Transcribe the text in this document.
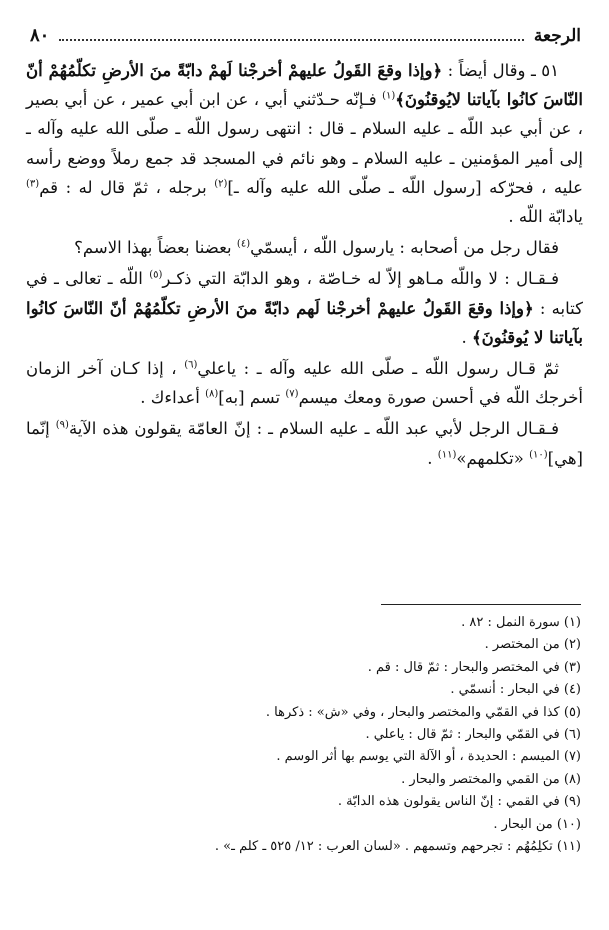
الرجعة
٨٠

٥١ ـ وقال أيضاً : ﴿وإذا وقعَ القَولُ عليهمْ أخرجْنا لَهمْ دابّةً منَ الأرضِ تكلّمُهُمْ أنّ النّاسَ كانُوا بآياتنا لايُوقنُونَ﴾$^{(١)}$ فـإنّه حـدّثني أبي ، عن ابن أبي عمير ، عن أبي بصير ، عن أبي عبد اللّه ـ عليه السلام ـ قال : انتهى رسول اللّه ـ صلّى الله عليه وآله ـ إلى أمير المؤمنين ـ عليه السلام ـ وهو نائم في المسجد قد جمع رملاً ووضع رأسه عليه ، فحرّكه [رسول اللّه ـ صلّى الله عليه وآله ـ]$^{(٢)}$ برجله ، ثمّ قال له : قم$^{(٣)}$ يادابّة اللّه .

فقال رجل من أصحابه : يارسول اللّه ، أيسمّي$^{(٤)}$ بعضنا بعضاً بهذا الاسم؟

فـقـال : لا واللّه مـاهو إلاّ له خـاصّة ، وهو الدابّة التي ذكـر$^{(٥)}$ اللّه ـ تعالى ـ في كتابه : ﴿وإذا وقعَ القَولُ عليهمْ أخرجْنا لَهم دابّةً منَ الأرضِ تكلّمُهُمْ أنّ النّاسَ كانُوا بآياتنا لا يُوقنُونَ﴾ .

ثمّ قـال رسول اللّه ـ صلّى الله عليه وآله ـ : ياعلي$^{(٦)}$ ، إذا كـان آخر الزمان أخرجك اللّه في أحسن صورة ومعك ميسم$^{(٧)}$ تسم [به]$^{(٨)}$ أعداءك .

فـقـال الرجل لأبي عبد اللّه ـ عليه السلام ـ : إنّ العامّة يقولون هذه الآية$^{(٩)}$ إنّما [هي]$^{(١٠)}$ «تكلمهم»$^{(١١)}$ .

(١) سورة النمل : ٨٢ .
(٢) من المختصر .
(٣) في المختصر والبحار : ثمّ قال : قم .
(٤) في البحار : أنسمّي .
(٥) كذا في القمّي والمختصر والبحار ، وفي «ش» : ذكرها .
(٦) في القمّي والبحار : ثمّ قال : ياعلي .
(٧) الميسم : الحديدة ، أو الآلة التي يوسم بها أثر الوسم .
(٨) من القمي والمختصر والبحار .
(٩) في القمي : إنّ الناس يقولون هذه الدابّة .
(١٠) من البحار .
(١١) تكلِمُهُم : تجرحهم وتسمهم . «لسان العرب : ١٢/ ٥٢٥ ـ كلم ـ» .
